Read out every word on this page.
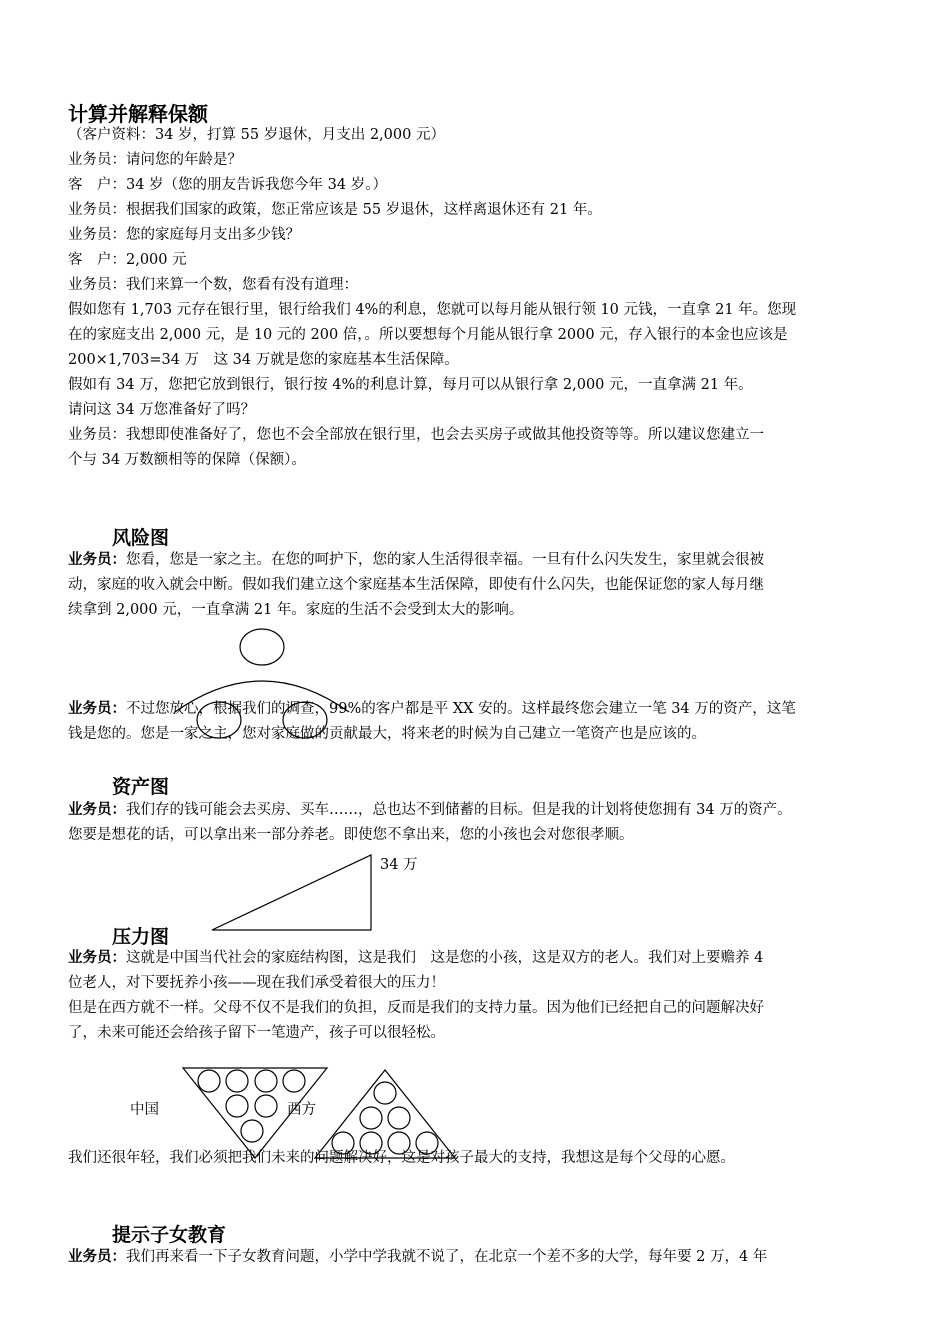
计算并解释保额
（客户资料：34 岁，打算 55 岁退休，月支出 2,000 元）
业务员：请问您的年龄是？
客　户：34 岁（您的朋友告诉我您今年 34 岁。）
业务员：根据我们国家的政策，您正常应该是 55 岁退休，这样离退休还有 21 年。
业务员：您的家庭每月支出多少钱？
客　户：2,000 元
业务员：我们来算一个数，您看有没有道理：
假如您有 1,703 元存在银行里，银行给我们 4%的利息，您就可以每月能从银行领 10 元钱，一直拿 21 年。您现
在的家庭支出 2,000 元，是 10 元的 200 倍，。所以要想每个月能从银行拿 2000 元，存入银行的本金也应该是
200×1,703=34 万　这 34 万就是您的家庭基本生活保障。
假如有 34 万，您把它放到银行，银行按 4%的利息计算，每月可以从银行拿 2,000 元，一直拿满 21 年。
请问这 34 万您准备好了吗？
业务员：我想即使准备好了，您也不会全部放在银行里，也会去买房子或做其他投资等等。所以建议您建立一
个与 34 万数额相等的保障（保额）。
风险图
业务员：您看，您是一家之主。在您的呵护下，您的家人生活得很幸福。一旦有什么闪失发生，家里就会很被
动，家庭的收入就会中断。假如我们建立这个家庭基本生活保障，即使有什么闪失，也能保证您的家人每月继
续拿到 2,000 元，一直拿满 21 年。家庭的生活不会受到太大的影响。
业务员：不过您放心，根据我们的调查，99%的客户都是平 XX 安的。这样最终您会建立一笔 34 万的资产，这笔
钱是您的。您是一家之主，您对家庭做的贡献最大，将来老的时候为自己建立一笔资产也是应该的。
资产图
业务员：我们存的钱可能会去买房、买车……，总也达不到储蓄的目标。但是我的计划将使您拥有 34 万的资产。
您要是想花的话，可以拿出来一部分养老。即使您不拿出来，您的小孩也会对您很孝顺。
34 万
压力图
业务员：这就是中国当代社会的家庭结构图，这是我们　这是您的小孩，这是双方的老人。我们对上要赡养 4
位老人，对下要抚养小孩——现在我们承受着很大的压力！
但是在西方就不一样。父母不仅不是我们的负担，反而是我们的支持力量。因为他们已经把自己的问题解决好
了，未来可能还会给孩子留下一笔遗产，孩子可以很轻松。
中国	西方
我们还很年轻，我们必须把我们未来的问题解决好，这是对孩子最大的支持，我想这是每个父母的心愿。
提示子女教育
业务员：我们再来看一下子女教育问题，小学中学我就不说了，在北京一个差不多的大学，每年要 2 万，4 年
